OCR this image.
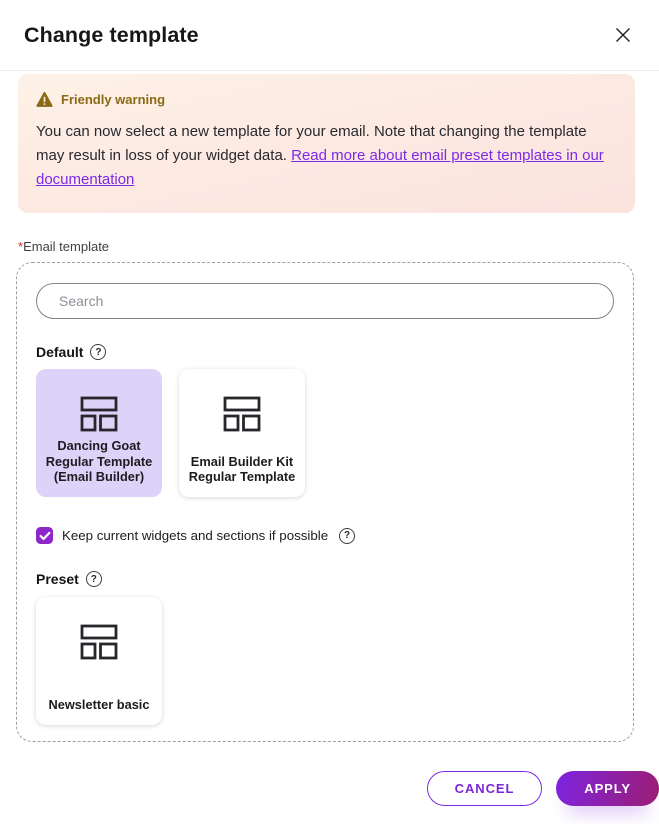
Change template
Friendly warning

You can now select a new template for your email. Note that changing the template may result in loss of your widget data. Read more about email preset templates in our documentation

*Email template
Search
Default	?
Dancing Goat Regular Template (Email Builder)
Email Builder Kit Regular Template
Keep current widgets and sections if possible	?
Preset	?
Newsletter basic
CANCEL	APPLY
